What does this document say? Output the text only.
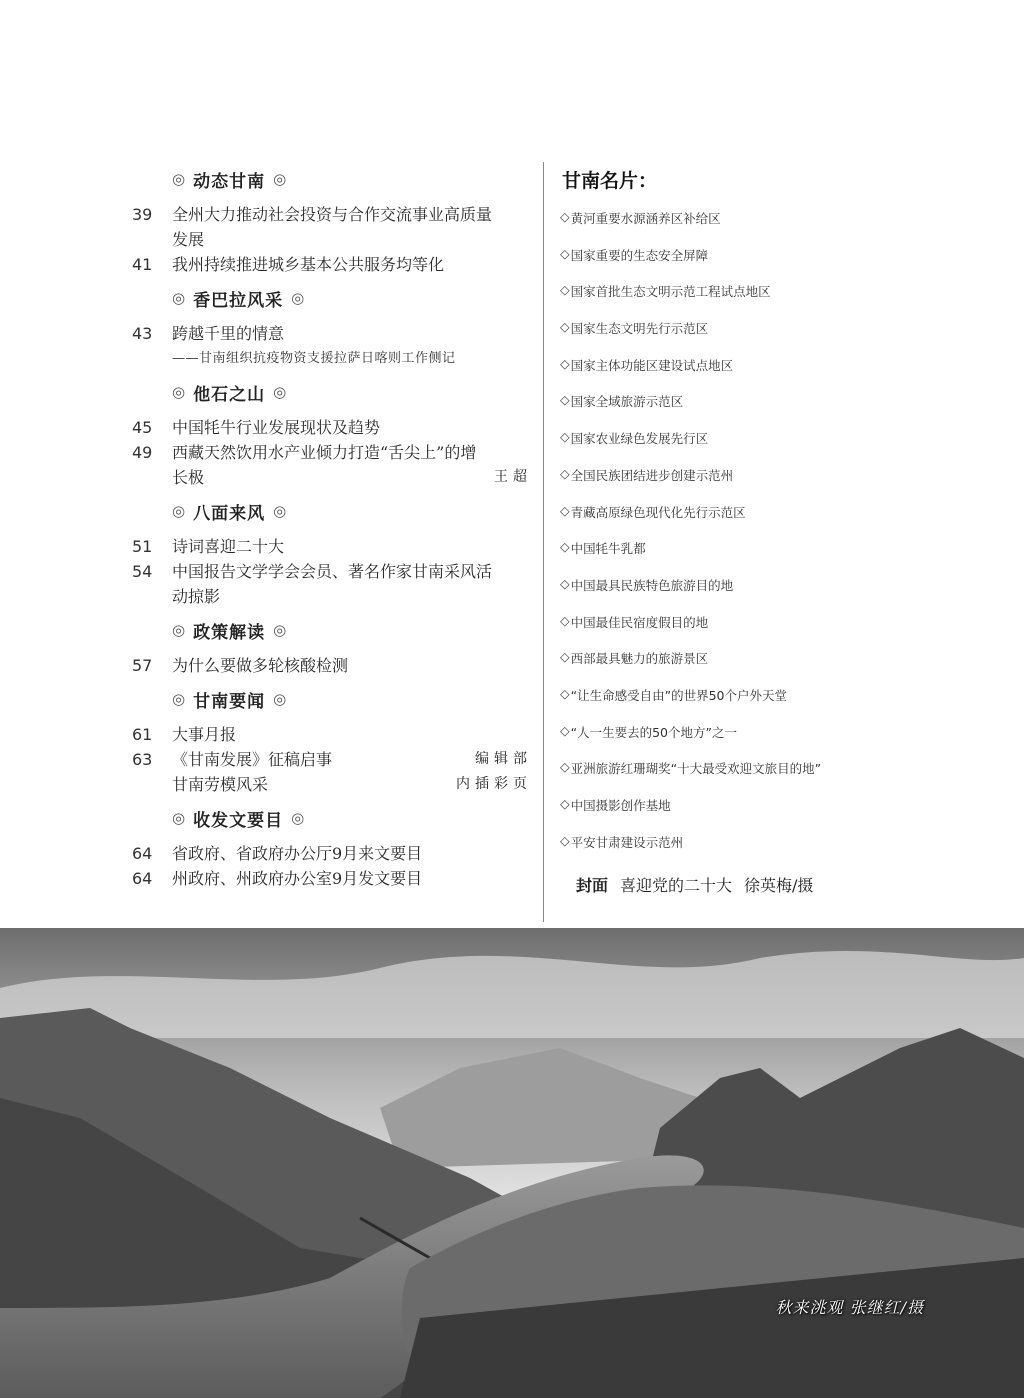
◎ 动态甘南 ◎
39	全州大力推动社会投资与合作交流事业高质量
发展
41	我州持续推进城乡基本公共服务均等化
◎ 香巴拉风采 ◎
43	跨越千里的情意
——甘南组织抗疫物资支援拉萨日喀则工作侧记
◎ 他石之山 ◎
45	中国牦牛行业发展现状及趋势
49	西藏天然饮用水产业倾力打造“舌尖上”的增
长极	王超
◎ 八面来风 ◎
51	诗词喜迎二十大
54	中国报告文学学会会员、著名作家甘南采风活
动掠影
◎ 政策解读 ◎
57	为什么要做多轮核酸检测
◎ 甘南要闻 ◎
61	大事月报
63	《甘南发展》征稿启事	编辑部
甘南劳模风采	内插彩页
◎ 收发文要目 ◎
64	省政府、省政府办公厅9月来文要目
64	州政府、州政府办公室9月发文要目
甘南名片：
◇ 黄河重要水源涵养区补给区
◇ 国家重要的生态安全屏障
◇ 国家首批生态文明示范工程试点地区
◇ 国家生态文明先行示范区
◇ 国家主体功能区建设试点地区
◇ 国家全域旅游示范区
◇ 国家农业绿色发展先行区
◇ 全国民族团结进步创建示范州
◇ 青藏高原绿色现代化先行示范区
◇ 中国牦牛乳都
◇ 中国最具民族特色旅游目的地
◇ 中国最佳民宿度假目的地
◇ 西部最具魅力的旅游景区
◇ “让生命感受自由”的世界50个户外天堂
◇ “人一生要去的50个地方”之一
◇ 亚洲旅游红珊瑚奖“十大最受欢迎文旅目的地”
◇ 中国摄影创作基地
◇ 平安甘肃建设示范州
封面 喜迎党的二十大 徐英梅/摄
秋来洮观 张继红/摄
